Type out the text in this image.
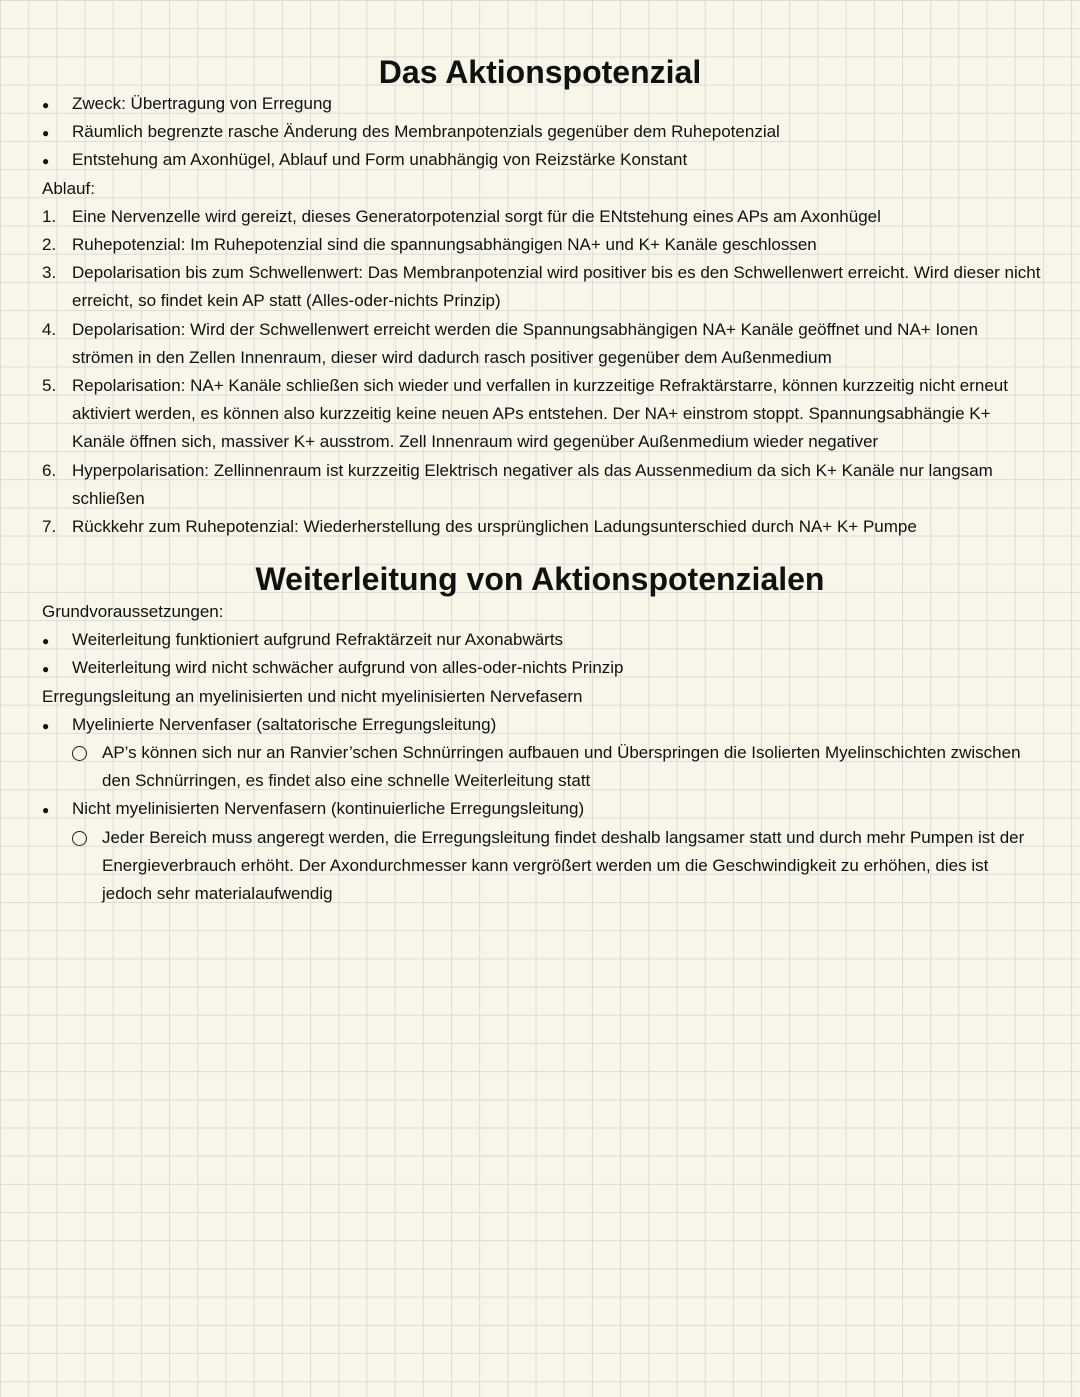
Das Aktionspotenzial
●
Zweck: Übertragung von Erregung
●
Räumlich begrenzte rasche Änderung des Membranpotenzials gegenüber dem Ruhepotenzial
●
Entstehung am Axonhügel, Ablauf und Form unabhängig von Reizstärke Konstant
Ablauf:
1. Eine Nervenzelle wird gereizt, dieses Generatorpotenzial sorgt für die ENtstehung eines APs am Axonhügel
2. Ruhepotenzial: Im Ruhepotenzial sind die spannungsabhängigen NA+ und K+ Kanäle geschlossen
3. Depolarisation bis zum Schwellenwert: Das Membranpotenzial wird positiver bis es den Schwellenwert erreicht. Wird dieser nicht erreicht, so findet kein AP statt (Alles-oder-nichts Prinzip)
4. Depolarisation: Wird der Schwellenwert erreicht werden die Spannungsabhängigen NA+ Kanäle geöffnet und NA+ Ionen strömen in den Zellen Innenraum, dieser wird dadurch rasch positiver gegenüber dem Außenmedium
5. Repolarisation: NA+ Kanäle schließen sich wieder und verfallen in kurzzeitige Refraktärstarre, können kurzzeitig nicht erneut aktiviert werden, es können also kurzzeitig keine neuen APs entstehen. Der NA+ einstrom stoppt. Spannungsabhängie K+ Kanäle öffnen sich, massiver K+ ausstrom. Zell Innenraum wird gegenüber Außenmedium wieder negativer
6. Hyperpolarisation: Zellinnenraum ist kurzzeitig Elektrisch negativer als das Aussenmedium da sich K+ Kanäle nur langsam schließen
7. Rückkehr zum Ruhepotenzial: Wiederherstellung des ursprünglichen Ladungsunterschied durch NA+ K+ Pumpe
Weiterleitung von Aktionspotenzialen
Grundvoraussetzungen:
●
Weiterleitung funktioniert aufgrund Refraktärzeit nur Axonabwärts
●
Weiterleitung wird nicht schwächer aufgrund von alles-oder-nichts Prinzip
Erregungsleitung an myelinisierten und nicht myelinisierten Nervefasern
●
Myelinierte Nervenfaser (saltatorische Erregungsleitung)
AP’s können sich nur an Ranvier’schen Schnürringen aufbauen und Überspringen die Isolierten Myelinschichten zwischen den Schnürringen, es findet also eine schnelle Weiterleitung statt
●
Nicht myelinisierten Nervenfasern (kontinuierliche Erregungsleitung)
Jeder Bereich muss angeregt werden, die Erregungsleitung findet deshalb langsamer statt und durch mehr Pumpen ist der Energieverbrauch erhöht. Der Axondurchmesser kann vergrößert werden um die Geschwindigkeit zu erhöhen, dies ist jedoch sehr materialaufwendig
